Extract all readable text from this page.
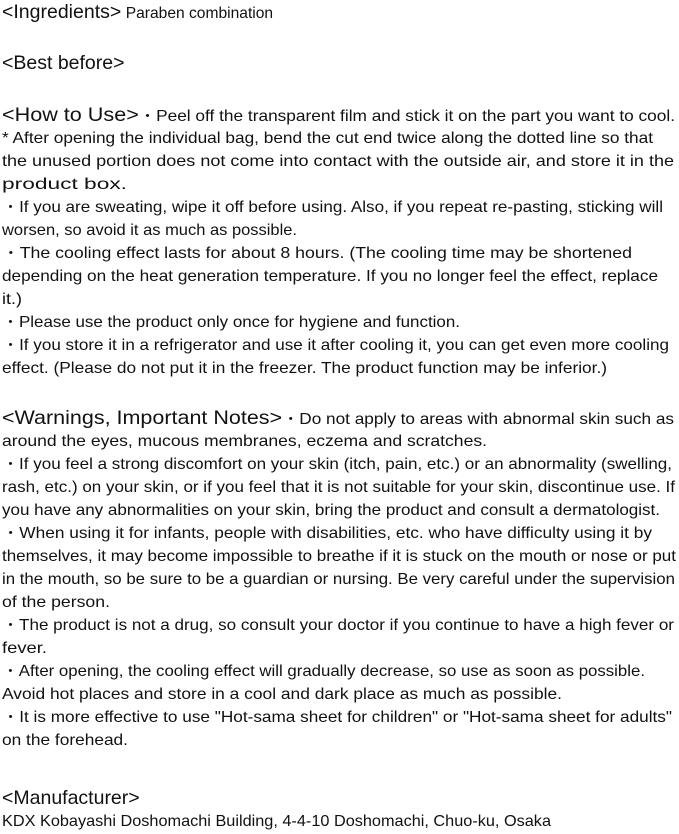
<Ingredients> Paraben combination
<Best before>
<How to Use>・Peel off the transparent film and stick it on the part you want to cool.
* After opening the individual bag, bend the cut end twice along the dotted line so that
the unused portion does not come into contact with the outside air, and store it in the
product box.
・If you are sweating, wipe it off before using. Also, if you repeat re-pasting, sticking will
worsen, so avoid it as much as possible.
・The cooling effect lasts for about 8 hours. (The cooling time may be shortened
depending on the heat generation temperature. If you no longer feel the effect, replace
it.)
・Please use the product only once for hygiene and function.
・If you store it in a refrigerator and use it after cooling it, you can get even more cooling
effect. (Please do not put it in the freezer. The product function may be inferior.)
<Warnings, Important Notes>・Do not apply to areas with abnormal skin such as
around the eyes, mucous membranes, eczema and scratches.
・If you feel a strong discomfort on your skin (itch, pain, etc.) or an abnormality (swelling,
rash, etc.) on your skin, or if you feel that it is not suitable for your skin, discontinue use. If
you have any abnormalities on your skin, bring the product and consult a dermatologist.
・When using it for infants, people with disabilities, etc. who have difficulty using it by
themselves, it may become impossible to breathe if it is stuck on the mouth or nose or put
in the mouth, so be sure to be a guardian or nursing. Be very careful under the supervision
of the person.
・The product is not a drug, so consult your doctor if you continue to have a high fever or
fever.
・After opening, the cooling effect will gradually decrease, so use as soon as possible.
Avoid hot places and store in a cool and dark place as much as possible.
・It is more effective to use "Hot-sama sheet for children" or "Hot-sama sheet for adults"
on the forehead.
<Manufacturer>
KDX Kobayashi Doshomachi Building, 4-4-10 Doshomachi, Chuo-ku, Osaka
